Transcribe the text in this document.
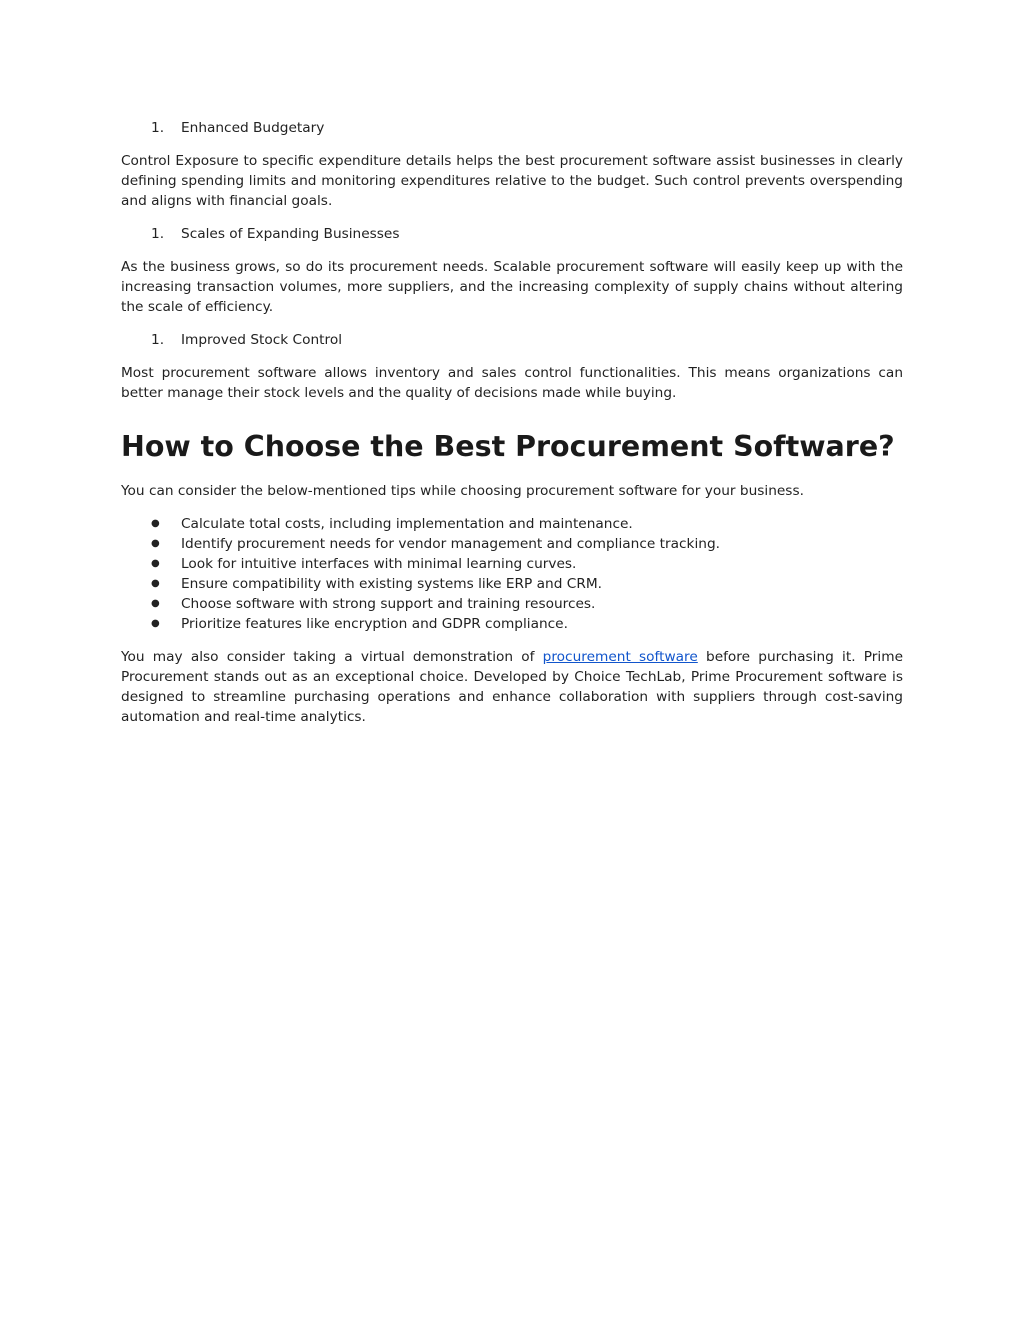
1.	Enhanced Budgetary

Control Exposure to specific expenditure details helps the best procurement software assist businesses in clearly defining spending limits and monitoring expenditures relative to the budget. Such control prevents overspending and aligns with financial goals.

1.	Scales of Expanding Businesses

As the business grows, so do its procurement needs. Scalable procurement software will easily keep up with the increasing transaction volumes, more suppliers, and the increasing complexity of supply chains without altering the scale of efficiency.

1.	Improved Stock Control

Most procurement software allows inventory and sales control functionalities. This means organizations can better manage their stock levels and the quality of decisions made while buying.

How to Choose the Best Procurement Software?

You can consider the below-mentioned tips while choosing procurement software for your business.

●	Calculate total costs, including implementation and maintenance.
●	Identify procurement needs for vendor management and compliance tracking.
●	Look for intuitive interfaces with minimal learning curves.
●	Ensure compatibility with existing systems like ERP and CRM.
●	Choose software with strong support and training resources.
●	Prioritize features like encryption and GDPR compliance.

You may also consider taking a virtual demonstration of procurement software before purchasing it. Prime Procurement stands out as an exceptional choice. Developed by Choice TechLab, Prime Procurement software is designed to streamline purchasing operations and enhance collaboration with suppliers through cost-saving automation and real-time analytics.
